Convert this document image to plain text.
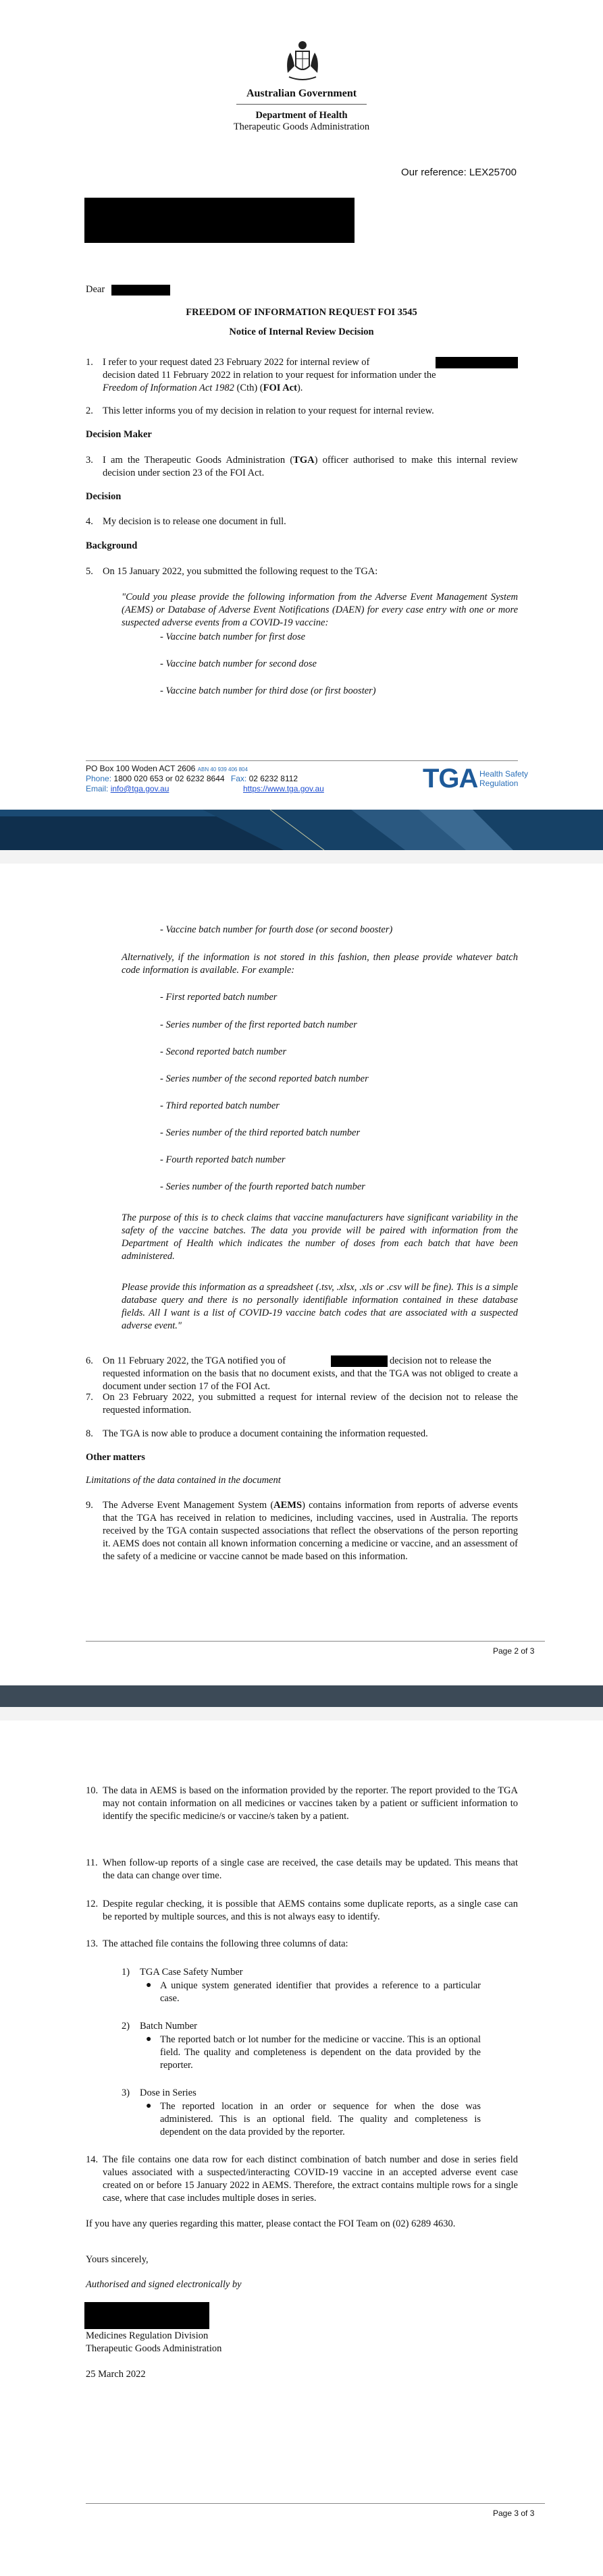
Australian Government
Department of Health
Therapeutic Goods Administration
Our reference: LEX25700
Dear
FREEDOM OF INFORMATION REQUEST FOI 3545
Notice of Internal Review Decision
1. I refer to your request dated 23 February 2022 for internal review of
decision dated 11 February 2022 in relation to your request for information under the
Freedom of Information Act 1982 (Cth) (FOI Act).
2. This letter informs you of my decision in relation to your request for internal review.
Decision Maker
3. I am the Therapeutic Goods Administration (TGA) officer authorised to make this internal review decision under section 23 of the FOI Act.
Decision
4. My decision is to release one document in full.
Background
5. On 15 January 2022, you submitted the following request to the TGA:
"Could you please provide the following information from the Adverse Event Management System (AEMS) or Database of Adverse Event Notifications (DAEN) for every case entry with one or more suspected adverse events from a COVID-19 vaccine:
- Vaccine batch number for first dose
- Vaccine batch number for second dose
- Vaccine batch number for third dose (or first booster)
PO Box 100 Woden ACT 2606 ABN 40 939 406 804
Phone: 1800 020 653 or 02 6232 8644 Fax: 02 6232 8112
Email: info@tga.gov.au	https://www.tga.gov.au	TGA Health Safety
Regulation
- Vaccine batch number for fourth dose (or second booster)
Alternatively, if the information is not stored in this fashion, then please provide whatever batch code information is available. For example:
- First reported batch number
- Series number of the first reported batch number
- Second reported batch number
- Series number of the second reported batch number
- Third reported batch number
- Series number of the third reported batch number
- Fourth reported batch number
- Series number of the fourth reported batch number
The purpose of this is to check claims that vaccine manufacturers have significant variability in the safety of the vaccine batches. The data you provide will be paired with information from the Department of Health which indicates the number of doses from each batch that have been administered.
Please provide this information as a spreadsheet (.tsv, .xlsx, .xls or .csv will be fine). This is a simple database query and there is no personally identifiable information contained in these database fields. All I want is a list of COVID-19 vaccine batch codes that are associated with a suspected adverse event."
6. On 11 February 2022, the TGA notified you of	decision not to release the
requested information on the basis that no document exists, and that the TGA was not obliged to create a document under section 17 of the FOI Act.
7. On 23 February 2022, you submitted a request for internal review of the decision not to release the requested information.
8. The TGA is now able to produce a document containing the information requested.
Other matters
Limitations of the data contained in the document
9. The Adverse Event Management System (AEMS) contains information from reports of adverse events that the TGA has received in relation to medicines, including vaccines, used in Australia. The reports received by the TGA contain suspected associations that reflect the observations of the person reporting it. AEMS does not contain all known information concerning a medicine or vaccine, and an assessment of the safety of a medicine or vaccine cannot be made based on this information.
Page 2 of 3
10. The data in AEMS is based on the information provided by the reporter. The report provided to the TGA may not contain information on all medicines or vaccines taken by a patient or sufficient information to identify the specific medicine/s or vaccine/s taken by a patient.
11. When follow-up reports of a single case are received, the case details may be updated. This means that the data can change over time.
12. Despite regular checking, it is possible that AEMS contains some duplicate reports, as a single case can be reported by multiple sources, and this is not always easy to identify.
13. The attached file contains the following three columns of data:
1) TGA Case Safety Number
● A unique system generated identifier that provides a reference to a particular case.
2) Batch Number
● The reported batch or lot number for the medicine or vaccine. This is an optional field. The quality and completeness is dependent on the data provided by the reporter.
3) Dose in Series
● The reported location in an order or sequence for when the dose was administered. This is an optional field. The quality and completeness is dependent on the data provided by the reporter.
14. The file contains one data row for each distinct combination of batch number and dose in series field values associated with a suspected/interacting COVID-19 vaccine in an accepted adverse event case created on or before 15 January 2022 in AEMS. Therefore, the extract contains multiple rows for a single case, where that case includes multiple doses in series.
If you have any queries regarding this matter, please contact the FOI Team on (02) 6289 4630.
Yours sincerely,
Authorised and signed electronically by
Medicines Regulation Division
Therapeutic Goods Administration
25 March 2022
Page 3 of 3
